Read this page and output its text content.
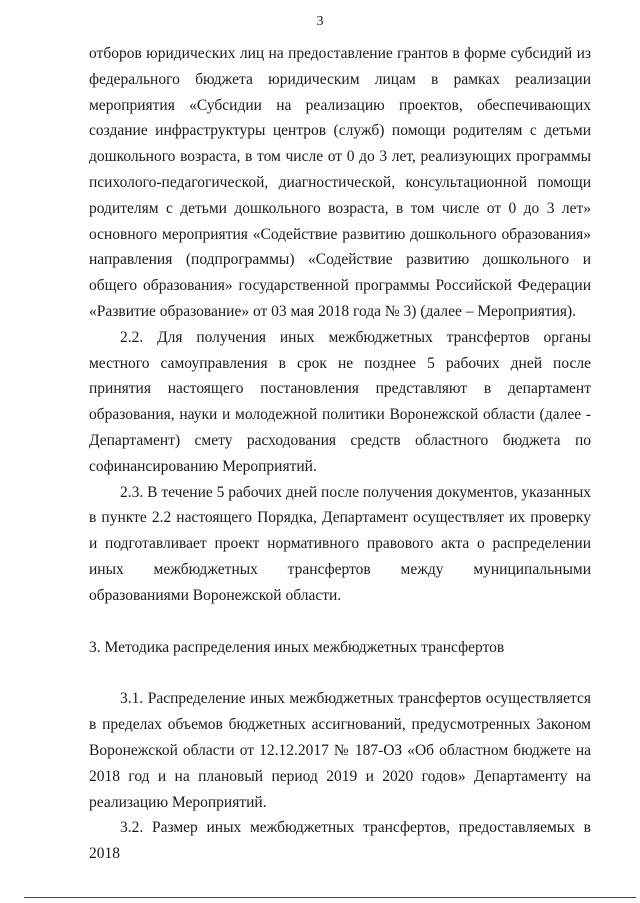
3

отборов юридических лиц на предоставление грантов в форме субсидий из федерального бюджета юридическим лицам в рамках реализации мероприятия «Субсидии на реализацию проектов, обеспечивающих создание инфраструктуры центров (служб) помощи родителям с детьми дошкольного возраста, в том числе от 0 до 3 лет, реализующих программы психолого-педагогической, диагностической, консультационной помощи родителям с детьми дошкольного возраста, в том числе от 0 до 3 лет» основного мероприятия «Содействие развитию дошкольного образования» направления (подпрограммы) «Содействие развитию дошкольного и общего образования» государственной программы Российской Федерации «Развитие образование» от 03 мая 2018 года № 3) (далее – Мероприятия).

2.2. Для получения иных межбюджетных трансфертов органы местного самоуправления в срок не позднее 5 рабочих дней после принятия настоящего постановления представляют в департамент образования, науки и молодежной политики Воронежской области (далее - Департамент) смету расходования средств областного бюджета по софинансированию Мероприятий.

2.3. В течение 5 рабочих дней после получения документов, указанных в пункте 2.2 настоящего Порядка, Департамент осуществляет их проверку и подготавливает проект нормативного правового акта о распределении иных межбюджетных трансфертов между муниципальными образованиями Воронежской области.

3. Методика распределения иных межбюджетных трансфертов

3.1. Распределение иных межбюджетных трансфертов осуществляется в пределах объемов бюджетных ассигнований, предусмотренных Законом Воронежской области от 12.12.2017 № 187-ОЗ «Об областном бюджете на 2018 год и на плановый период 2019 и 2020 годов» Департаменту на реализацию Мероприятий.

3.2. Размер иных межбюджетных трансфертов, предоставляемых в 2018
